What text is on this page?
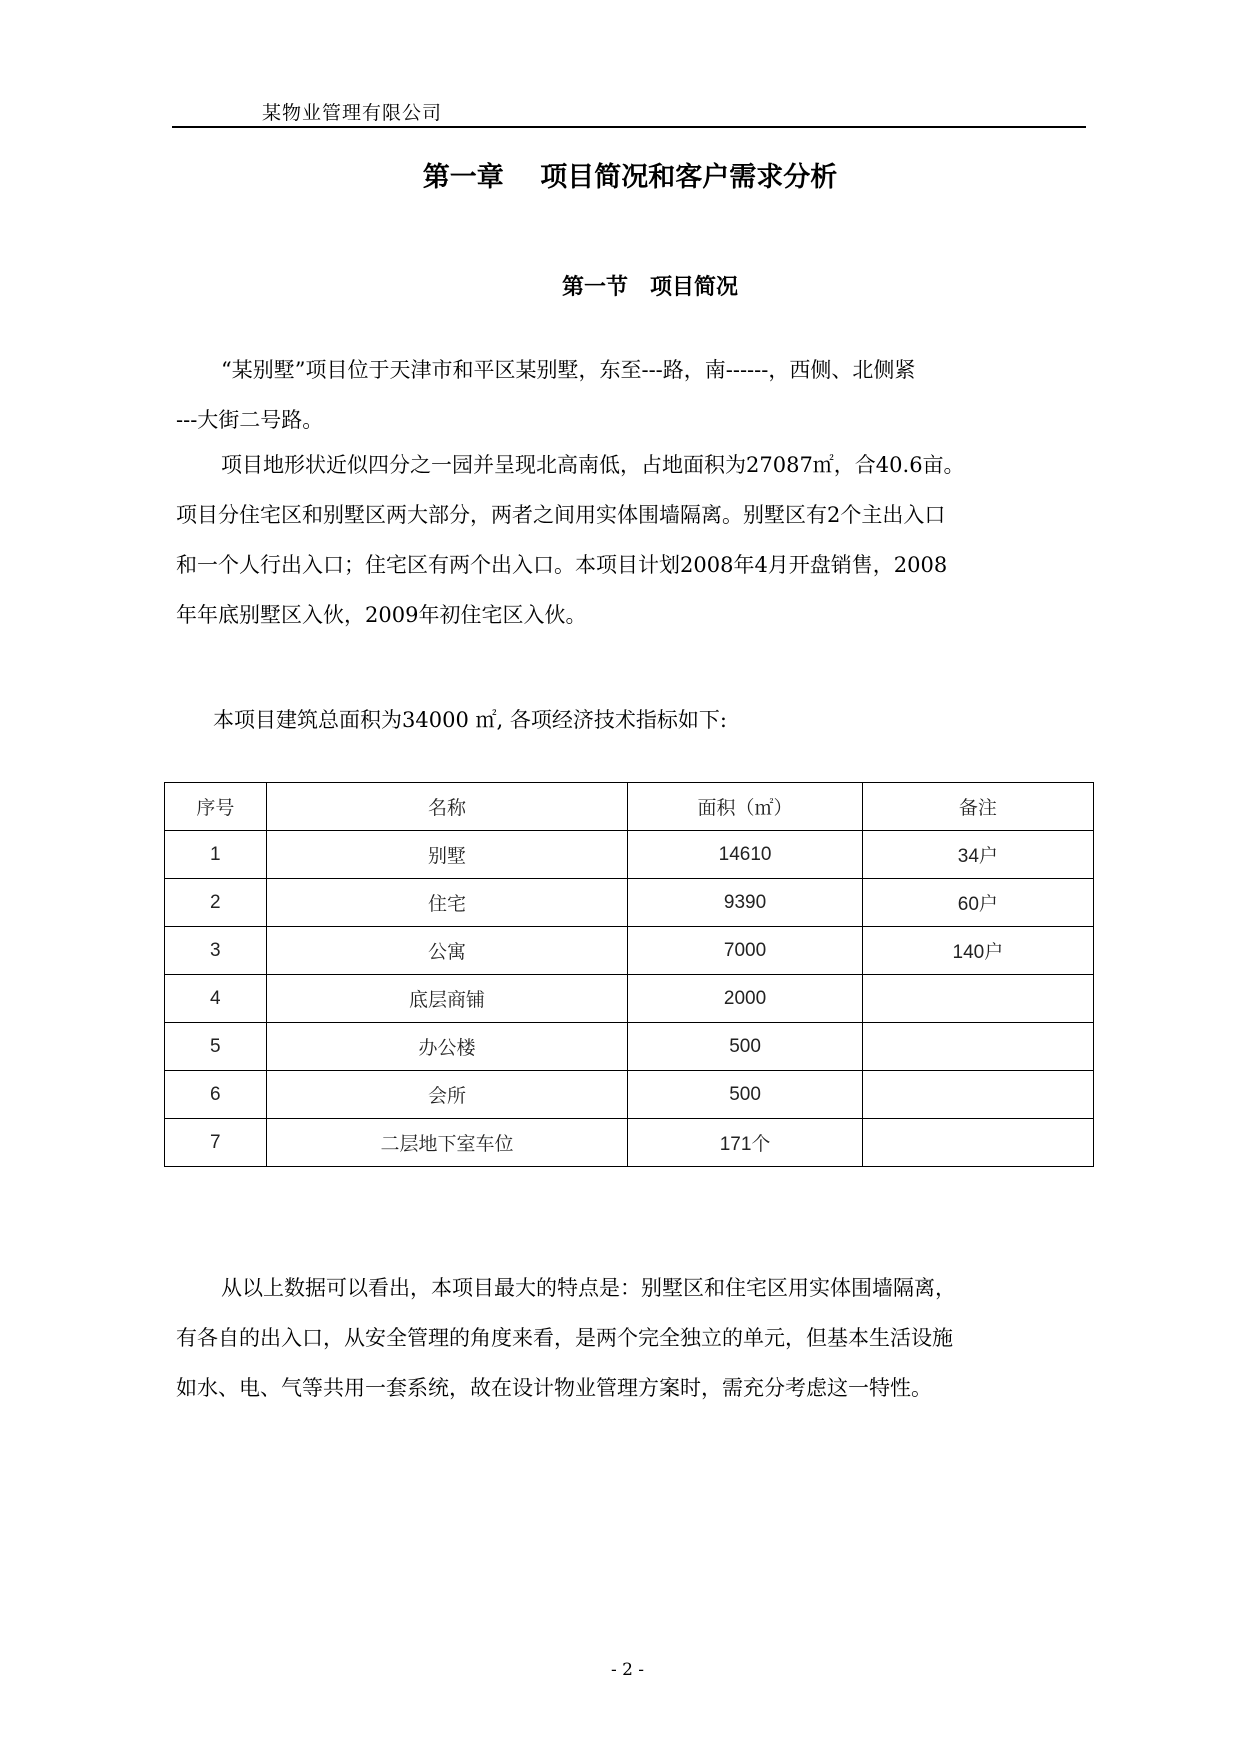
某物业管理有限公司
第一章　 项目简况和客户需求分析
第一节　项目简况

“某别墅”项目位于天津市和平区某别墅，东至---路，南------，西侧、北侧紧

---大街二号路。

项目地形状近似四分之一园并呈现北高南低，占地面积为27087㎡，合40.6亩。

项目分住宅区和别墅区两大部分，两者之间用实体围墙隔离。别墅区有2个主出入口

和一个人行出入口；住宅区有两个出入口。本项目计划2008年4月开盘销售，2008

年年底别墅区入伙，2009年初住宅区入伙。

本项目建筑总面积为34000 ㎡, 各项经济技术指标如下:

序号	名称	面积（㎡）	备注
1	别墅	14610	34户
2	住宅	9390	60户
3	公寓	7000	140户
4	底层商铺	2000	
5	办公楼	500	
6	会所	500	
7	二层地下室车位	171个	

从以上数据可以看出，本项目最大的特点是：别墅区和住宅区用实体围墙隔离，

有各自的出入口，从安全管理的角度来看，是两个完全独立的单元，但基本生活设施

如水、电、气等共用一套系统，故在设计物业管理方案时，需充分考虑这一特性。

- 2 -
